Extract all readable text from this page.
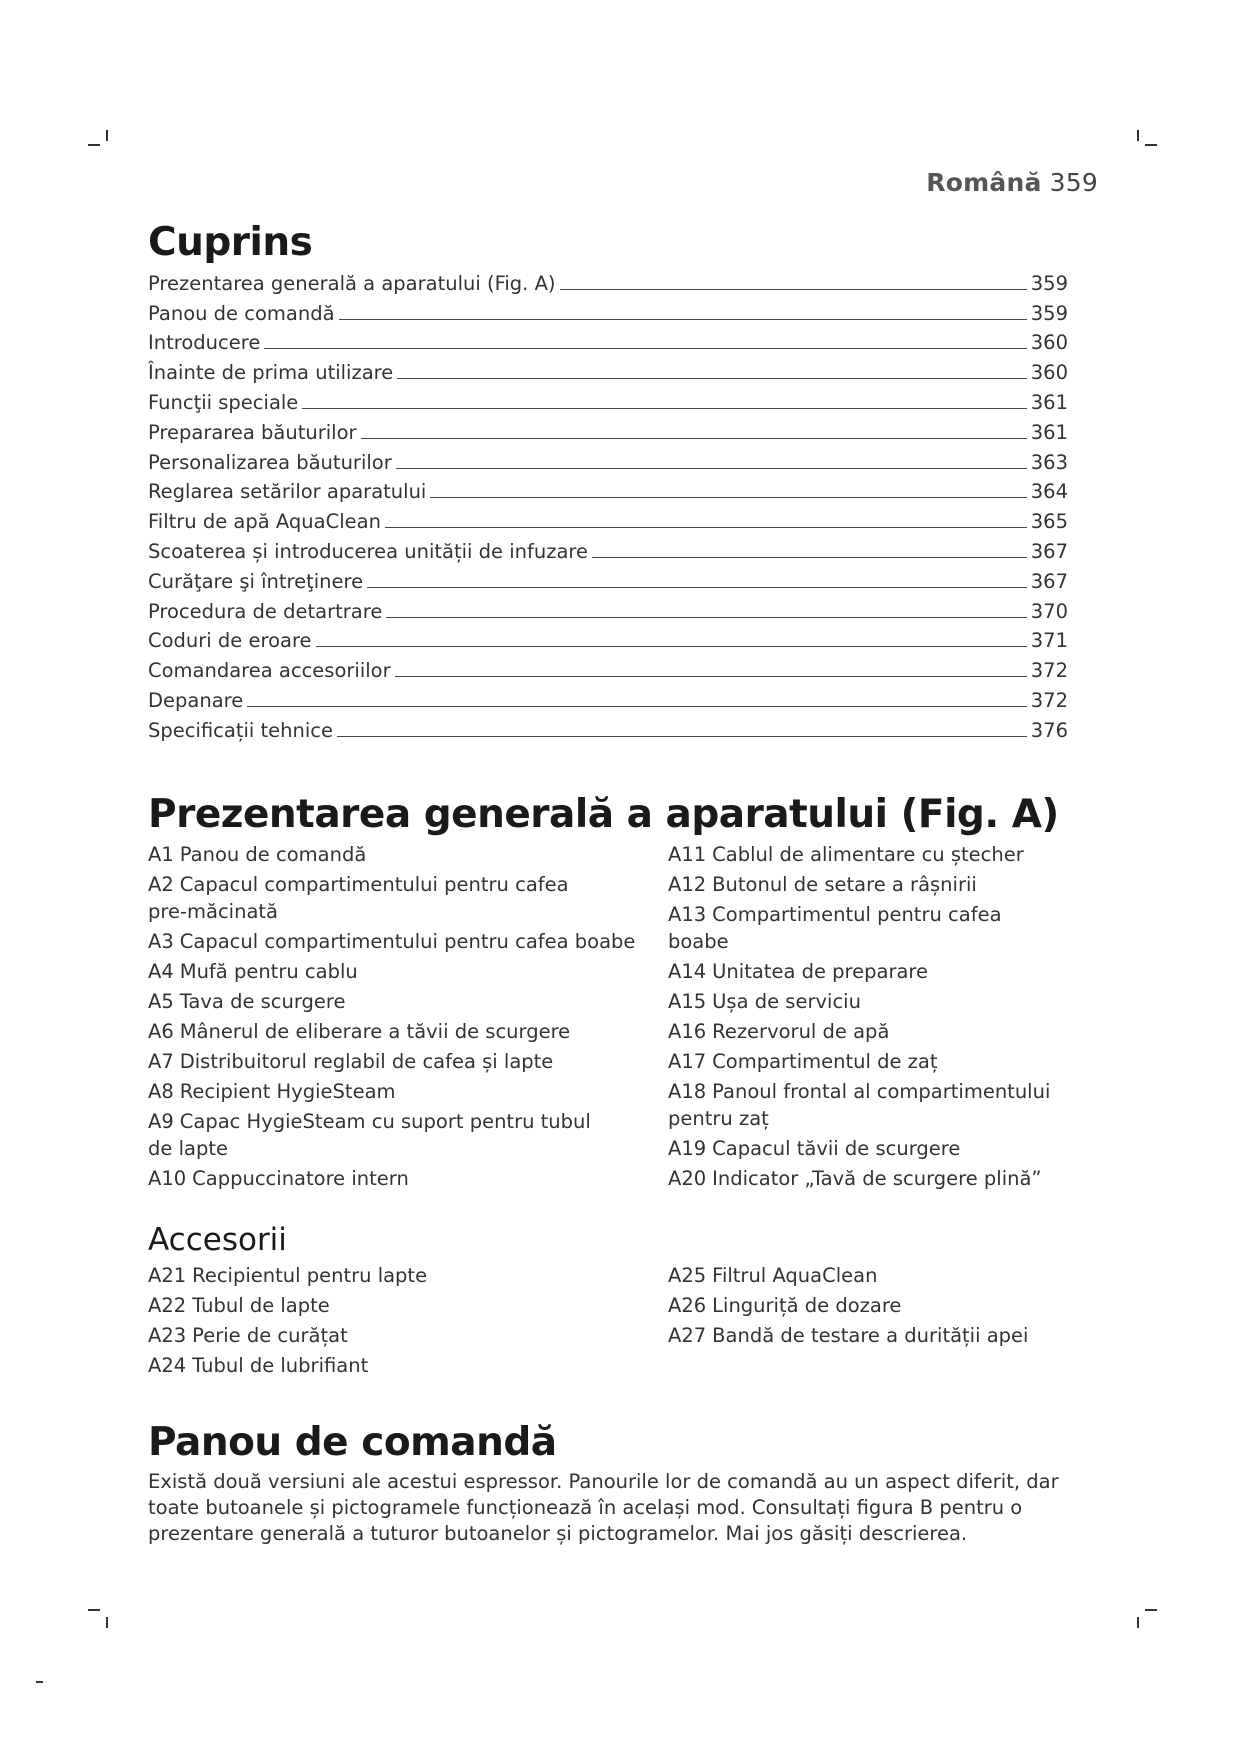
Română 359
Cuprins
Prezentarea generală a aparatului (Fig. A)	359
Panou de comandă	359
Introducere	360
Înainte de prima utilizare	360
Funcţii speciale	361
Prepararea băuturilor	361
Personalizarea băuturilor	363
Reglarea setărilor aparatului	364
Filtru de apă AquaClean	365
Scoaterea și introducerea unității de infuzare	367
Curăţare şi întreţinere	367
Procedura de detartrare	370
Coduri de eroare	371
Comandarea accesoriilor	372
Depanare	372
Specificații tehnice	376
Prezentarea generală a aparatului (Fig. A)
A1 Panou de comandă
A2 Capacul compartimentului pentru cafea pre-măcinată
A3 Capacul compartimentului pentru cafea boabe
A4 Mufă pentru cablu
A5 Tava de scurgere
A6 Mânerul de eliberare a tăvii de scurgere
A7 Distribuitorul reglabil de cafea și lapte
A8 Recipient HygieSteam
A9 Capac HygieSteam cu suport pentru tubul de lapte
A10 Cappuccinatore intern
A11 Cablul de alimentare cu ștecher
A12 Butonul de setare a râșnirii
A13 Compartimentul pentru cafea boabe
A14 Unitatea de preparare
A15 Ușa de serviciu
A16 Rezervorul de apă
A17 Compartimentul de zaț
A18 Panoul frontal al compartimentului pentru zaț
A19 Capacul tăvii de scurgere
A20 Indicator „Tavă de scurgere plină”
Accesorii
A21 Recipientul pentru lapte
A22 Tubul de lapte
A23 Perie de curățat
A24 Tubul de lubrifiant
A25 Filtrul AquaClean
A26 Linguriță de dozare
A27 Bandă de testare a durității apei
Panou de comandă

Există două versiuni ale acestui espressor. Panourile lor de comandă au un aspect diferit, dar toate butoanele și pictogramele funcționează în același mod. Consultați figura B pentru o prezentare generală a tuturor butoanelor și pictogramelor. Mai jos găsiți descrierea.
